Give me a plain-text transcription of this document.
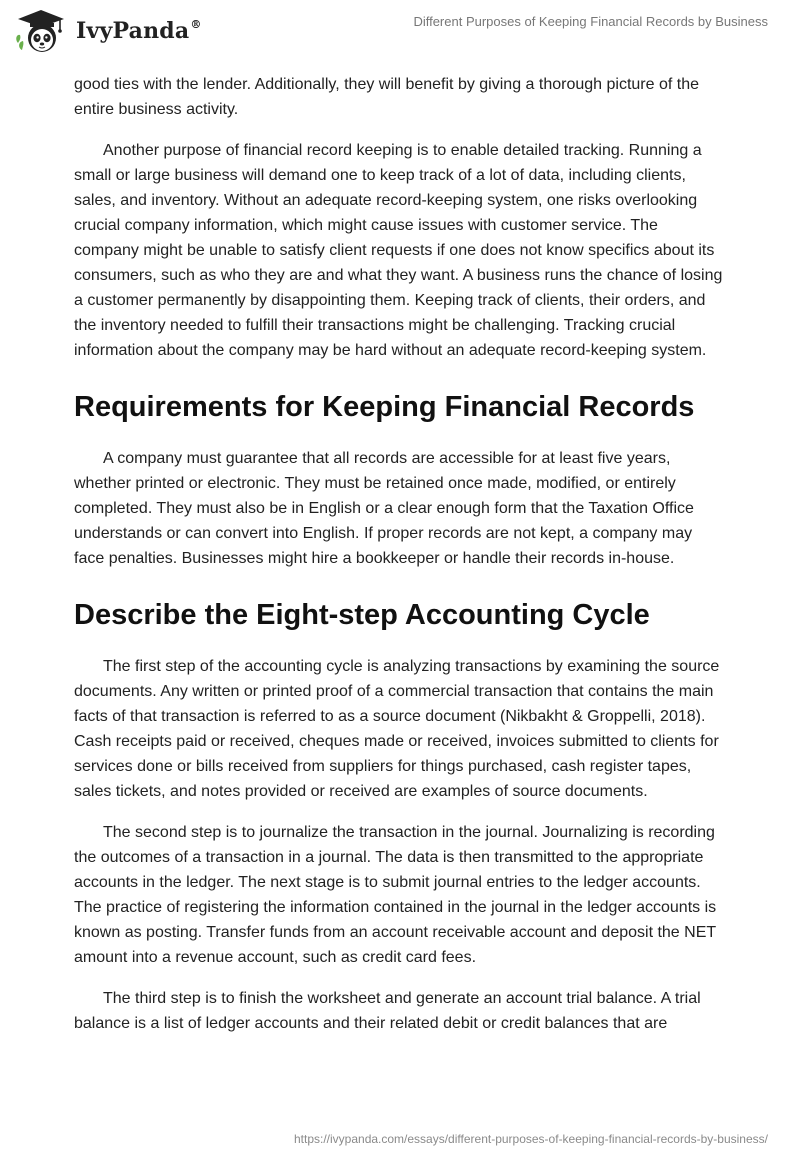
IvyPanda®	Different Purposes of Keeping Financial Records by Business

good ties with the lender. Additionally, they will benefit by giving a thorough picture of the entire business activity.

Another purpose of financial record keeping is to enable detailed tracking. Running a small or large business will demand one to keep track of a lot of data, including clients, sales, and inventory. Without an adequate record-keeping system, one risks overlooking crucial company information, which might cause issues with customer service. The company might be unable to satisfy client requests if one does not know specifics about its consumers, such as who they are and what they want. A business runs the chance of losing a customer permanently by disappointing them. Keeping track of clients, their orders, and the inventory needed to fulfill their transactions might be challenging. Tracking crucial information about the company may be hard without an adequate record-keeping system.

Requirements for Keeping Financial Records

A company must guarantee that all records are accessible for at least five years, whether printed or electronic. They must be retained once made, modified, or entirely completed. They must also be in English or a clear enough form that the Taxation Office understands or can convert into English. If proper records are not kept, a company may face penalties. Businesses might hire a bookkeeper or handle their records in-house.

Describe the Eight-step Accounting Cycle

The first step of the accounting cycle is analyzing transactions by examining the source documents. Any written or printed proof of a commercial transaction that contains the main facts of that transaction is referred to as a source document (Nikbakht & Groppelli, 2018). Cash receipts paid or received, cheques made or received, invoices submitted to clients for services done or bills received from suppliers for things purchased, cash register tapes, sales tickets, and notes provided or received are examples of source documents.

The second step is to journalize the transaction in the journal. Journalizing is recording the outcomes of a transaction in a journal. The data is then transmitted to the appropriate accounts in the ledger. The next stage is to submit journal entries to the ledger accounts. The practice of registering the information contained in the journal in the ledger accounts is known as posting. Transfer funds from an account receivable account and deposit the NET amount into a revenue account, such as credit card fees.

The third step is to finish the worksheet and generate an account trial balance. A trial balance is a list of ledger accounts and their related debit or credit balances that are

https://ivypanda.com/essays/different-purposes-of-keeping-financial-records-by-business/
